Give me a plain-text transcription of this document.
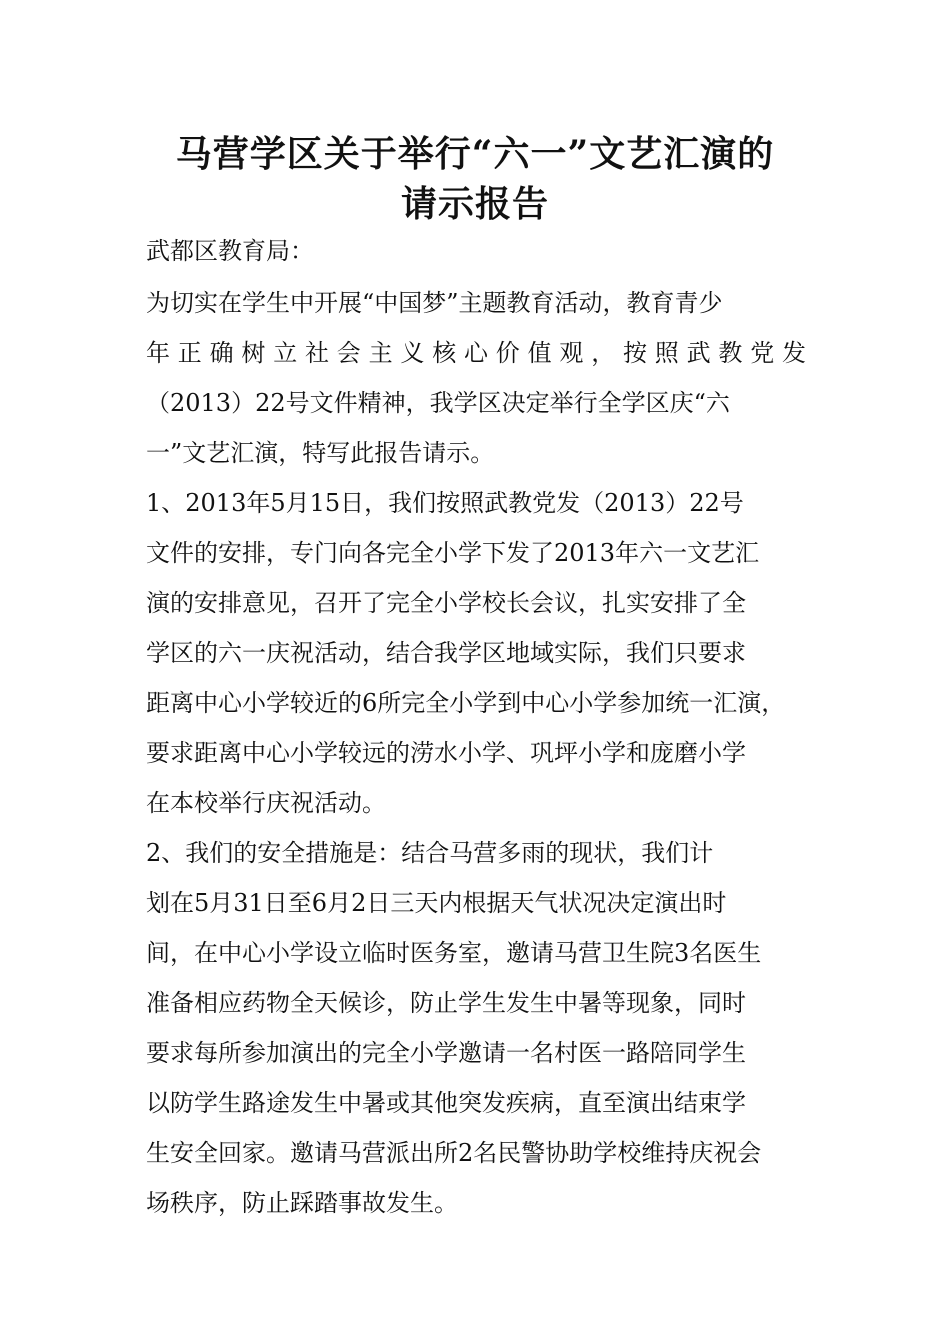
马营学区关于举行“六一”文艺汇演的
请示报告
武都区教育局：
为切实在学生中开展“中国梦”主题教育活动，教育青少
年正确树立社会主义核心价值观，按照武教党发
（2013）22号文件精神，我学区决定举行全学区庆“六
一”文艺汇演，特写此报告请示。
1、2013年5月15日，我们按照武教党发（2013）22号
文件的安排，专门向各完全小学下发了2013年六一文艺汇
演的安排意见，召开了完全小学校长会议，扎实安排了全
学区的六一庆祝活动，结合我学区地域实际，我们只要求
距离中心小学较近的6所完全小学到中心小学参加统一汇演，
要求距离中心小学较远的涝水小学、巩坪小学和庞磨小学
在本校举行庆祝活动。
2、我们的安全措施是：结合马营多雨的现状，我们计
划在5月31日至6月2日三天内根据天气状况决定演出时
间，在中心小学设立临时医务室，邀请马营卫生院3名医生
准备相应药物全天候诊，防止学生发生中暑等现象，同时
要求每所参加演出的完全小学邀请一名村医一路陪同学生
以防学生路途发生中暑或其他突发疾病，直至演出结束学
生安全回家。邀请马营派出所2名民警协助学校维持庆祝会
场秩序，防止踩踏事故发生。
